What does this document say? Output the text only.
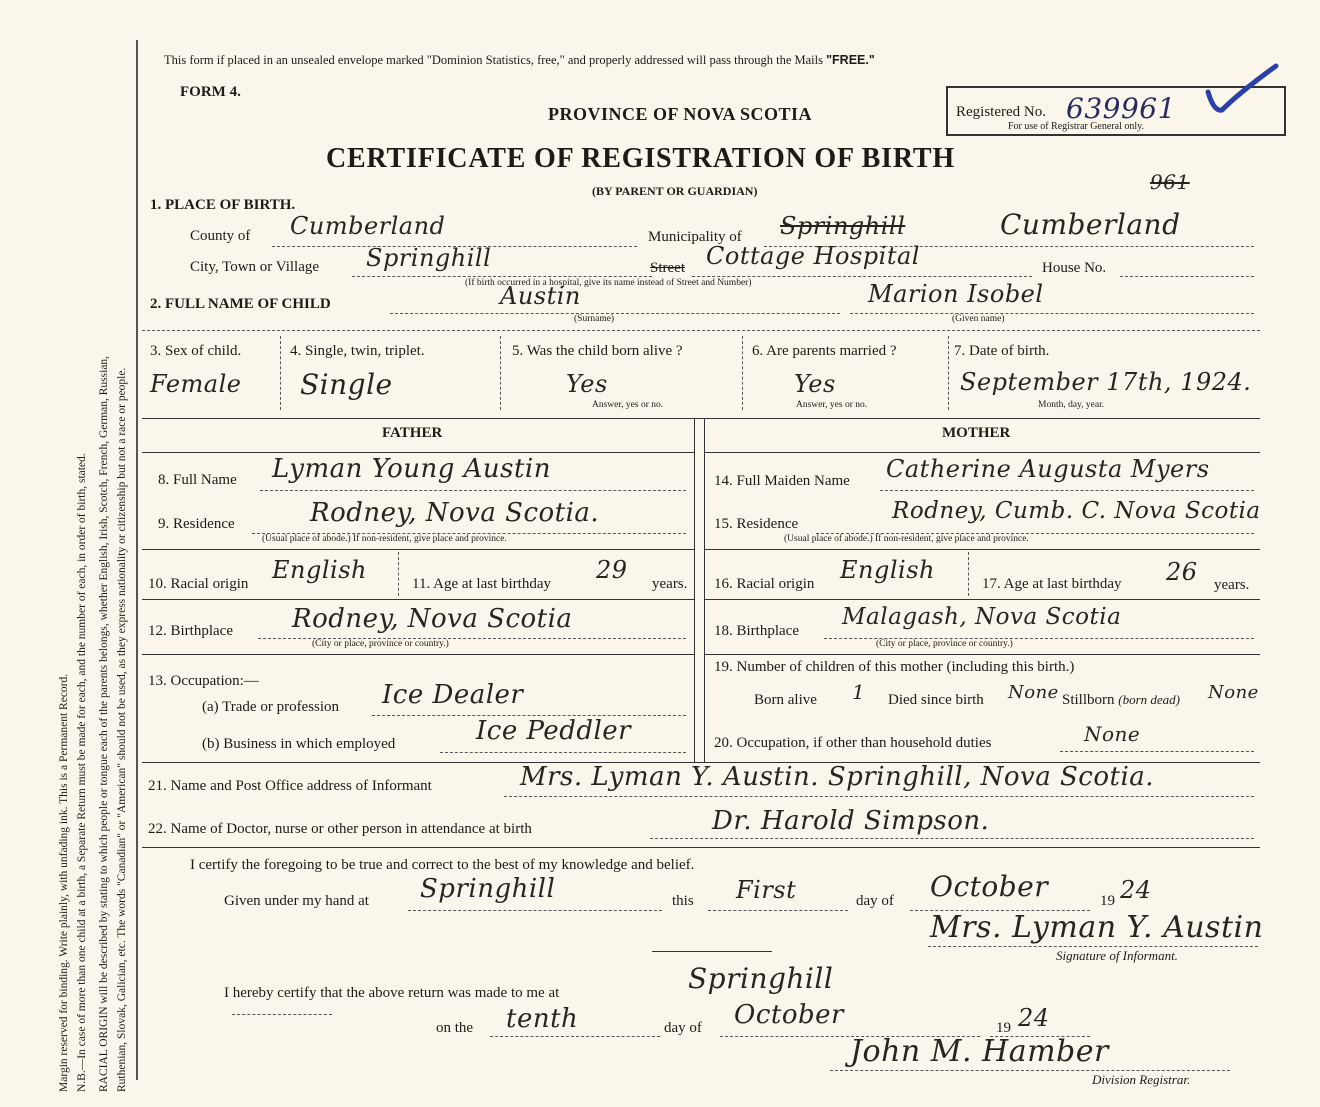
Margin reserved for binding. Write plainly, with unfading ink. This is a Permanent Record. N.B.—In case of more than one child at a birth, a Separate Return must be made for each, and the number of each, in order of birth, stated. RACIAL ORIGIN will be described by stating to which people or tongue each of the parents belongs, whether English, Irish, Scotch, French, German, Russian, Ruthenian, Slovak, Galician, etc. The words "Canadian" or "American" should not be used, as they express nationality or citizenship but not a race or people.
This form if placed in an unsealed envelope marked "Dominion Statistics, free," and properly addressed will pass through the Mails "FREE."
FORM 4.
PROVINCE OF NOVA SCOTIA
CERTIFICATE OF REGISTRATION OF BIRTH
(BY PARENT OR GUARDIAN)
Registered No. 639961
For use of Registrar General only.
961
1. PLACE OF BIRTH.
County of Cumberland	Municipality of Springhill	Cumberland
City, Town or Village Springhill	Street Cottage Hospital	House No.
(If birth occurred in a hospital, give its name instead of Street and Number)
2. FULL NAME OF CHILD	Austin
(Surname)
Marion Isobel
(Given name)
3. Sex of child.
Female
4. Single, twin, triplet.
Single
5. Was the child born alive ?
Yes
Answer, yes or no.
6. Are parents married ?
Yes
Answer, yes or no.
7. Date of birth.
September 17th, 1924.
Month, day, year.
FATHER	MOTHER
8. Full Name Lyman Young Austin
9. Residence	Rodney, Nova Scotia.
(Usual place of abode.) If non-resident, give place and province.
10. Racial origin English	11. Age at last birthday 29 years.
12. Birthplace Rodney, Nova Scotia
(City or place, province or country.)
13. Occupation:—
(a) Trade or profession Ice Dealer
(b) Business in which employed	Ice Peddler
14. Full Maiden Name Catherine Augusta Myers
15. Residence	Rodney, Cumb. C. Nova Scotia
(Usual place of abode.) If non-resident, give place and province.
16. Racial origin English	17. Age at last birthday 26 years.
18. Birthplace
Malagash, Nova Scotia
(City or place, province or country.)
19. Number of children of this mother (including this birth.)
Born alive 1 Died since birth None Stillborn (born dead) None
20. Occupation, if other than household duties	None
21. Name and Post Office address of Informant	Mrs. Lyman Y. Austin. Springhill, Nova Scotia.
22. Name of Doctor, nurse or other person in attendance at birth	Dr. Harold Simpson.
I certify the foregoing to be true and correct to the best of my knowledge and belief.
Given under my hand at Springhill	this First	day of October	19 24
Mrs. Lyman Y. Austin
Signature of Informant.
I hereby certify that the above return was made to me at	Springhill
on the tenth	day of October	19 24
John M. Hamber
Division Registrar.
